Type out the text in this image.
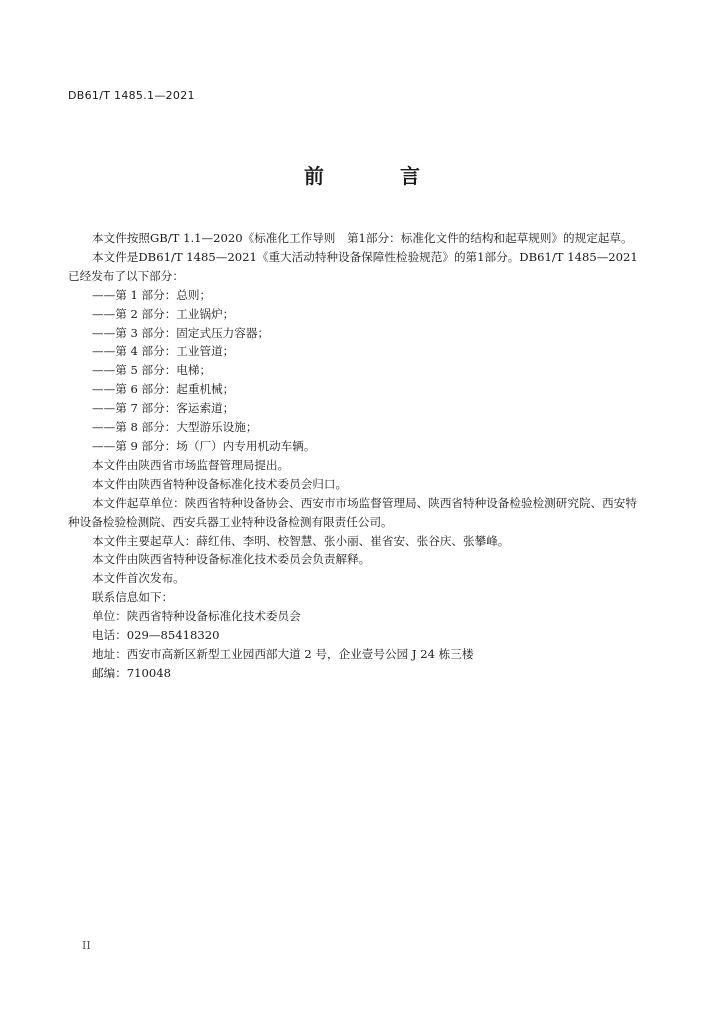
DB61/T 1485.1—2021
前　言

本文件按照GB/T 1.1—2020《标准化工作导则　第1部分：标准化文件的结构和起草规则》的规定起草。

本文件是DB61/T 1485—2021《重大活动特种设备保障性检验规范》的第1部分。DB61/T 1485—2021已经发布了以下部分：

——第 1 部分：总则；

——第 2 部分：工业锅炉；

——第 3 部分：固定式压力容器；

——第 4 部分：工业管道；

——第 5 部分：电梯；

——第 6 部分：起重机械；

——第 7 部分：客运索道；

——第 8 部分：大型游乐设施；

——第 9 部分：场（厂）内专用机动车辆。

本文件由陕西省市场监督管理局提出。

本文件由陕西省特种设备标准化技术委员会归口。

本文件起草单位：陕西省特种设备协会、西安市市场监督管理局、陕西省特种设备检验检测研究院、西安特种设备检验检测院、西安兵器工业特种设备检测有限责任公司。

本文件主要起草人：薛红伟、李明、校智慧、张小丽、崔省安、张谷庆、张攀峰。

本文件由陕西省特种设备标准化技术委员会负责解释。

本文件首次发布。

联系信息如下：

单位：陕西省特种设备标准化技术委员会

电话：029—85418320

地址：西安市高新区新型工业园西部大道 2 号，企业壹号公园 J 24 栋三楼

邮编：710048

II
